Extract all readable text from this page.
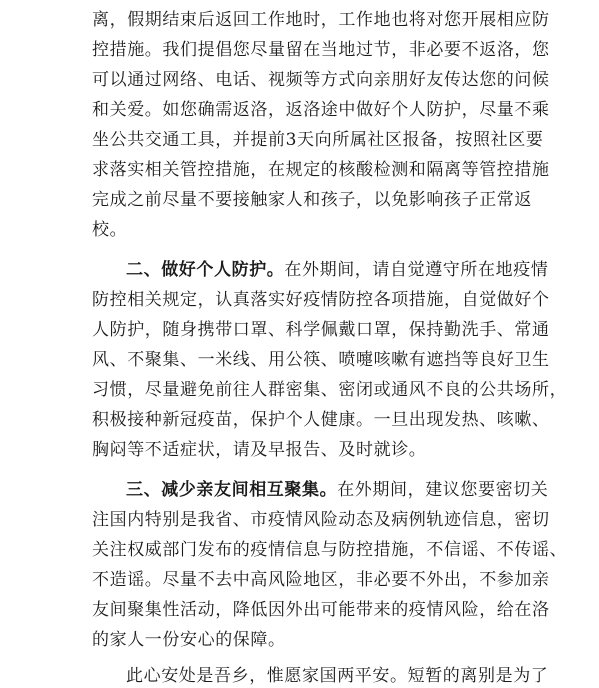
离，假期结束后返回工作地时，工作地也将对您开展相应防
控措施。我们提倡您尽量留在当地过节，非必要不返洛，您
可以通过网络、电话、视频等方式向亲朋好友传达您的问候
和关爱。如您确需返洛，返洛途中做好个人防护，尽量不乘
坐公共交通工具，并提前3天向所属社区报备，按照社区要
求落实相关管控措施，在规定的核酸检测和隔离等管控措施
完成之前尽量不要接触家人和孩子，以免影响孩子正常返
校。
二、做好个人防护。在外期间，请自觉遵守所在地疫情
防控相关规定，认真落实好疫情防控各项措施，自觉做好个
人防护，随身携带口罩、科学佩戴口罩，保持勤洗手、常通
风、不聚集、一米线、用公筷、喷嚏咳嗽有遮挡等良好卫生
习惯，尽量避免前往人群密集、密闭或通风不良的公共场所，
积极接种新冠疫苗，保护个人健康。一旦出现发热、咳嗽、
胸闷等不适症状，请及早报告、及时就诊。
三、减少亲友间相互聚集。在外期间，建议您要密切关
注国内特别是我省、市疫情风险动态及病例轨迹信息，密切
关注权威部门发布的疫情信息与防控措施，不信谣、不传谣、
不造谣。尽量不去中高风险地区，非必要不外出，不参加亲
友间聚集性活动，降低因外出可能带来的疫情风险，给在洛
的家人一份安心的保障。
此心安处是吾乡，惟愿家国两平安。短暂的离别是为了
